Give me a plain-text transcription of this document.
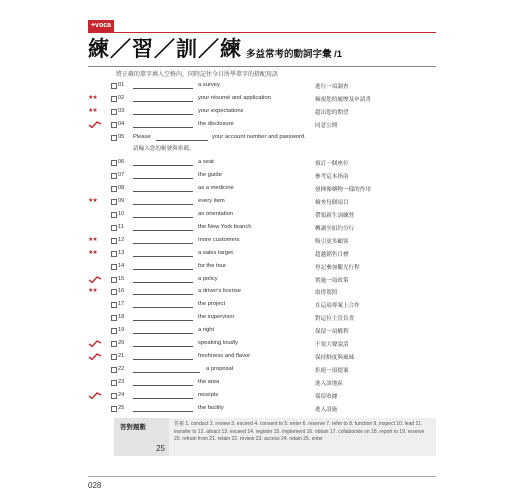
+voca
練／習／訓／練 多益常考的動詞字彙 /1
將正確的單字填入空格內，同時記住今日所學單字的搭配用語
01	a survey	進行一項調查
★★	02	your résumé and application	檢視您的履歷及申請書
★★	03	your expectations	超出您的期望
04	the disclosure	同意公開
05 Please	your account number and password.
請輸入您的帳號與密碼。
06	a seat	預訂一個座位
07	the guide	參考這本指南
08	as a medicine	發揮像藥物一樣的作用
★★	09	every item	檢查每個項目
10	an orientation	帶領新生訓練營
11	the New York branch	轉調至紐約分行
★★	12	more customers	吸引更多顧客
★★	13	a sales target	超越銷售目標
14	for the tour	登記參加觀光行程
15	a policy	實施一項政策
★★	16	a driver's license	取得駕照
17	the project	在這項專案上合作
18	the supervisor	對這位主管負責
19	a right	保留一項權利
20	speaking loudly	不要大聲說話
21	freshness and flavor	保持鮮度與風味
22	a proposal	拒絕一項提案
23	the area	進入該地區
24	receipts	保留收據
25	the facility	進入設施
答對題數
25
答案 1. conduct 2. review 3. exceed 4. consent to 5. enter 6. reserve 7. refer to 8. function 9. inspect 10. lead 11. transfer to 12. attract 13. exceed 14. register 15. implement 16. obtain 17. collaborate on 18. report to 19. reserve 20. refrain from 21. retain 22. review 23. access 24. retain 25. enter
028
